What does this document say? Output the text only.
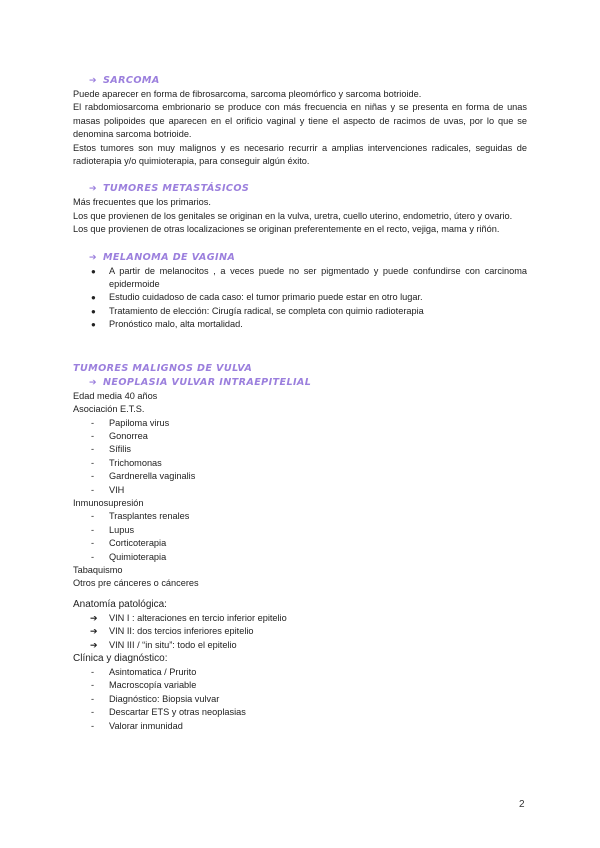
➔ SARCOMA

Puede aparecer en forma de fibrosarcoma, sarcoma pleomórfico y sarcoma botrioide.

El rabdomiosarcoma embrionario se produce con más frecuencia en niñas y se presenta en forma de unas masas polipoides que aparecen en el orificio vaginal y tiene el aspecto de racimos de uvas, por lo que se denomina sarcoma botrioide.

Estos tumores son muy malignos y es necesario recurrir a amplias intervenciones radicales, seguidas de radioterapia y/o quimioterapia, para conseguir algún éxito.

➔ TUMORES METASTÁSICOS

Más frecuentes que los primarios.

Los que provienen de los genitales se originan en la vulva, uretra, cuello uterino, endometrio, útero y ovario.

Los que provienen de otras localizaciones se originan preferentemente en el recto, vejiga, mama y riñón.

➔ MELANOMA DE VAGINA

● A partir de melanocitos , a veces puede no ser pigmentado y puede confundirse con carcinoma epidermoide
● Estudio cuidadoso de cada caso: el tumor primario puede estar en otro lugar.
● Tratamiento de elección: Cirugía radical, se completa con quimio radioterapia
● Pronóstico malo, alta mortalidad.

TUMORES MALIGNOS DE VULVA

➔ NEOPLASIA VULVAR INTRAEPITELIAL

Edad media 40 años

Asociación E.T.S.

- Papiloma virus
- Gonorrea
- Sífilis
- Trichomonas
- Gardnerella vaginalis
- VIH

Inmunosupresión

- Trasplantes renales
- Lupus
- Corticoterapia
- Quimioterapia

Tabaquismo

Otros pre cánceres o cánceres

Anatomía patológica:

➔ VIN I : alteraciones en tercio inferior epitelio
➔ VIN II: dos tercios inferiores epitelio
➔ VIN III / “in situ”: todo el epitelio

Clínica y diagnóstico:

- Asintomatica / Prurito
- Macroscopía variable
- Diagnóstico: Biopsia vulvar
- Descartar ETS y otras neoplasias
- Valorar inmunidad
2
